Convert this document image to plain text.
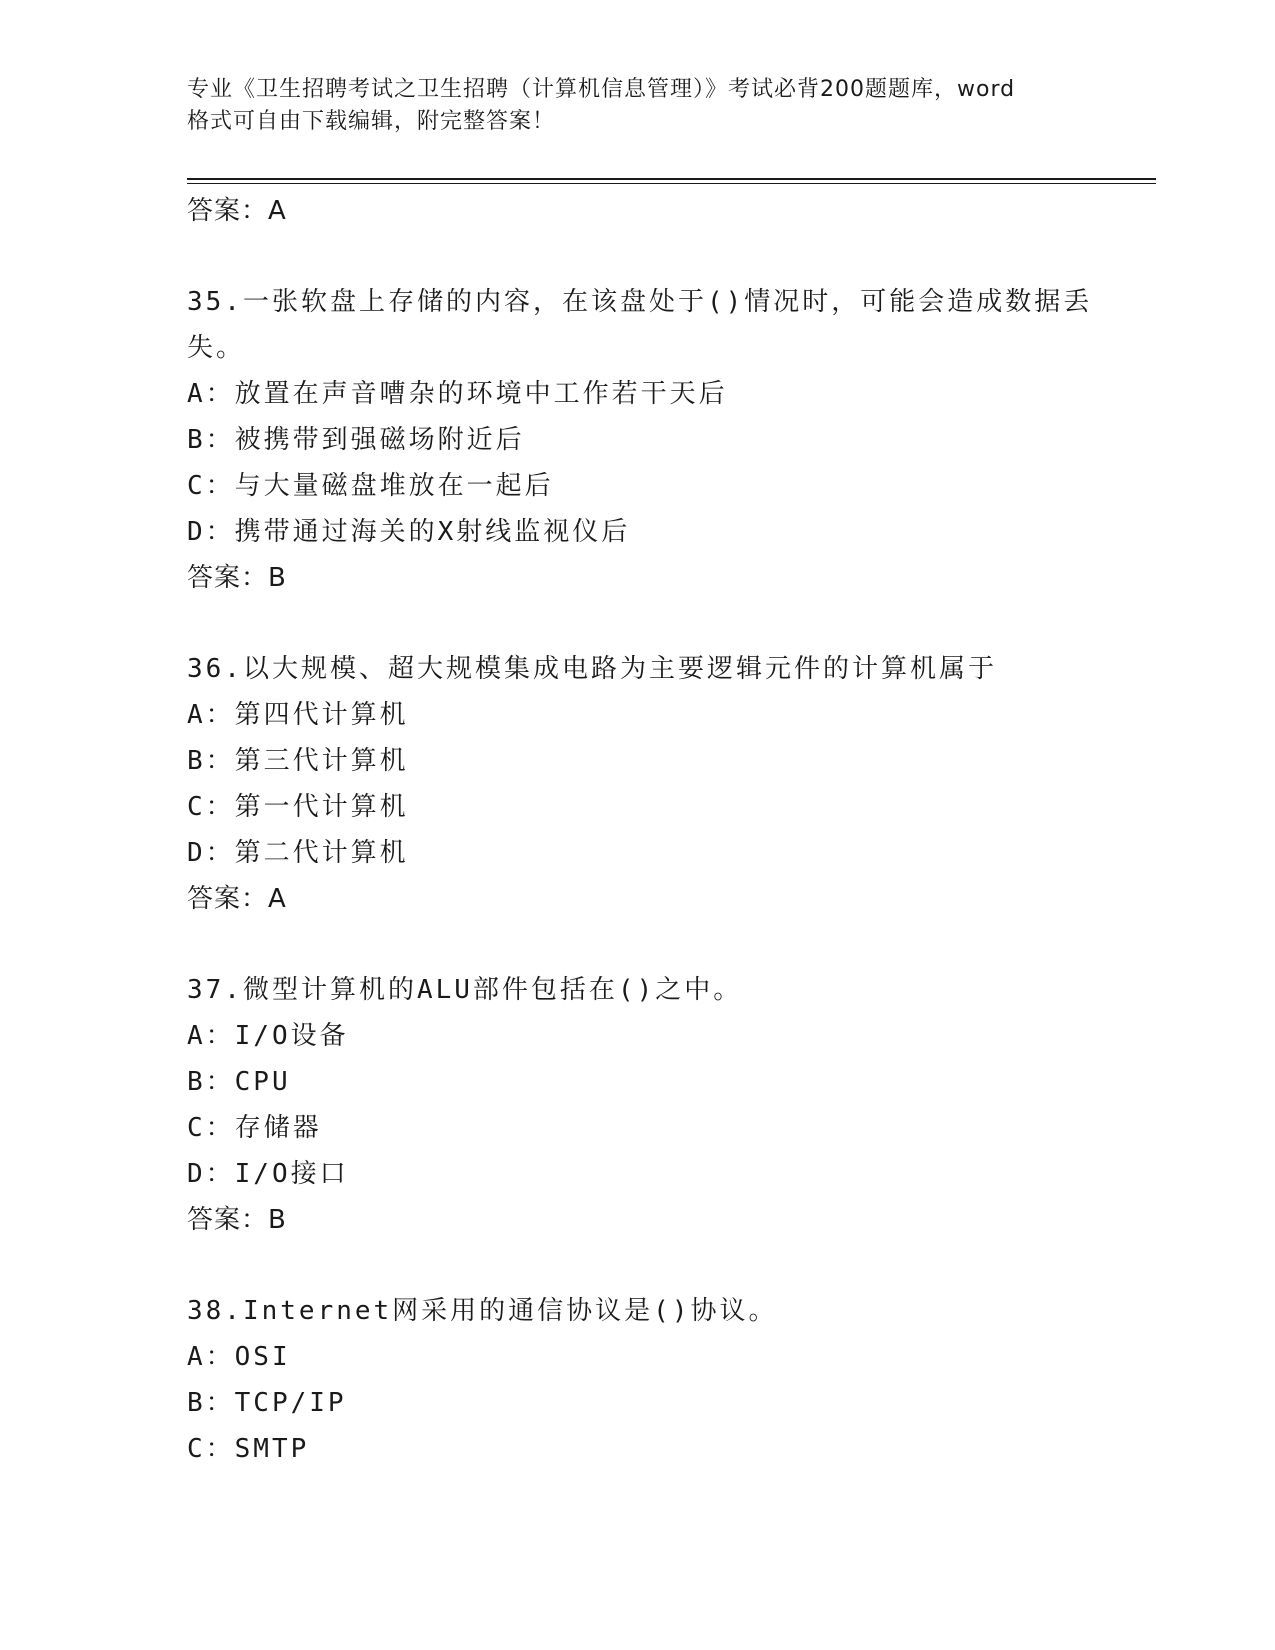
专业《卫生招聘考试之卫生招聘（计算机信息管理）》考试必背200题题库，word
格式可自由下载编辑，附完整答案！
答案：A
35.一张软盘上存储的内容，在该盘处于()情况时，可能会造成数据丢
失。
A：放置在声音嘈杂的环境中工作若干天后
B：被携带到强磁场附近后
C：与大量磁盘堆放在一起后
D：携带通过海关的X射线监视仪后
答案：B
36.以大规模、超大规模集成电路为主要逻辑元件的计算机属于
A：第四代计算机
B：第三代计算机
C：第一代计算机
D：第二代计算机
答案：A
37.微型计算机的ALU部件包括在()之中。
A：I/O设备
B：CPU
C：存储器
D：I/O接口
答案：B
38.Internet网采用的通信协议是()协议。
A：OSI
B：TCP/IP
C：SMTP
